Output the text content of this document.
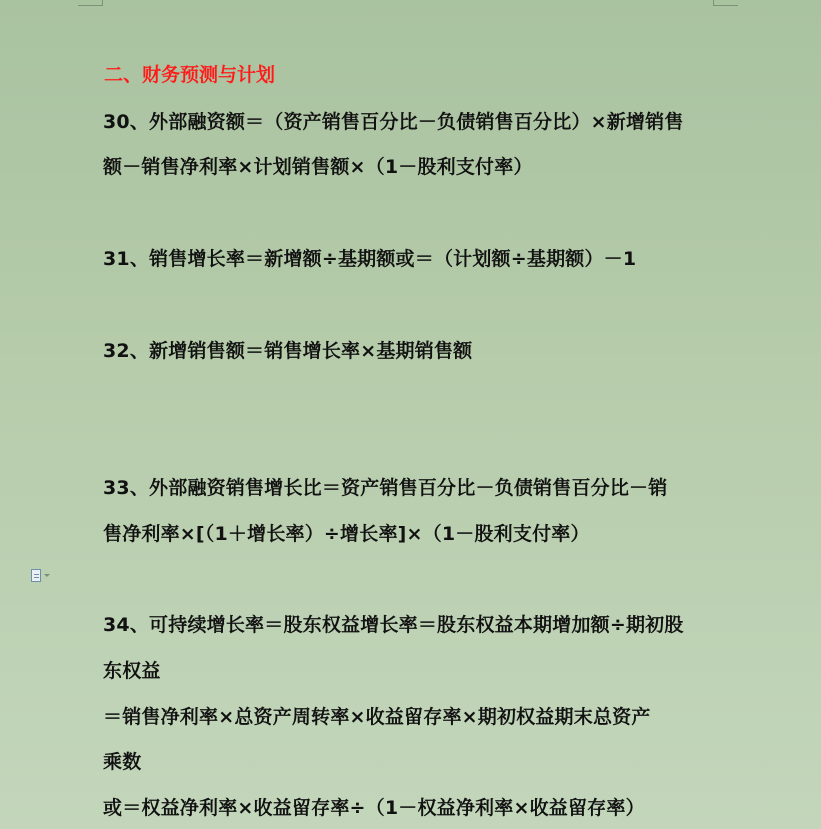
二、财务预测与计划
30、外部融资额＝（资产销售百分比－负债销售百分比）×新增销售
额－销售净利率×计划销售额×（1－股利支付率）
31、销售增长率＝新增额÷基期额或＝（计划额÷基期额）－1
32、新增销售额＝销售增长率×基期销售额
33、外部融资销售增长比＝资产销售百分比－负债销售百分比－销
售净利率×[（1＋增长率）÷增长率]×（1－股利支付率）
34、可持续增长率＝股东权益增长率＝股东权益本期增加额÷期初股
东权益
＝销售净利率×总资产周转率×收益留存率×期初权益期末总资产
乘数
或＝权益净利率×收益留存率÷（1－权益净利率×收益留存率）
